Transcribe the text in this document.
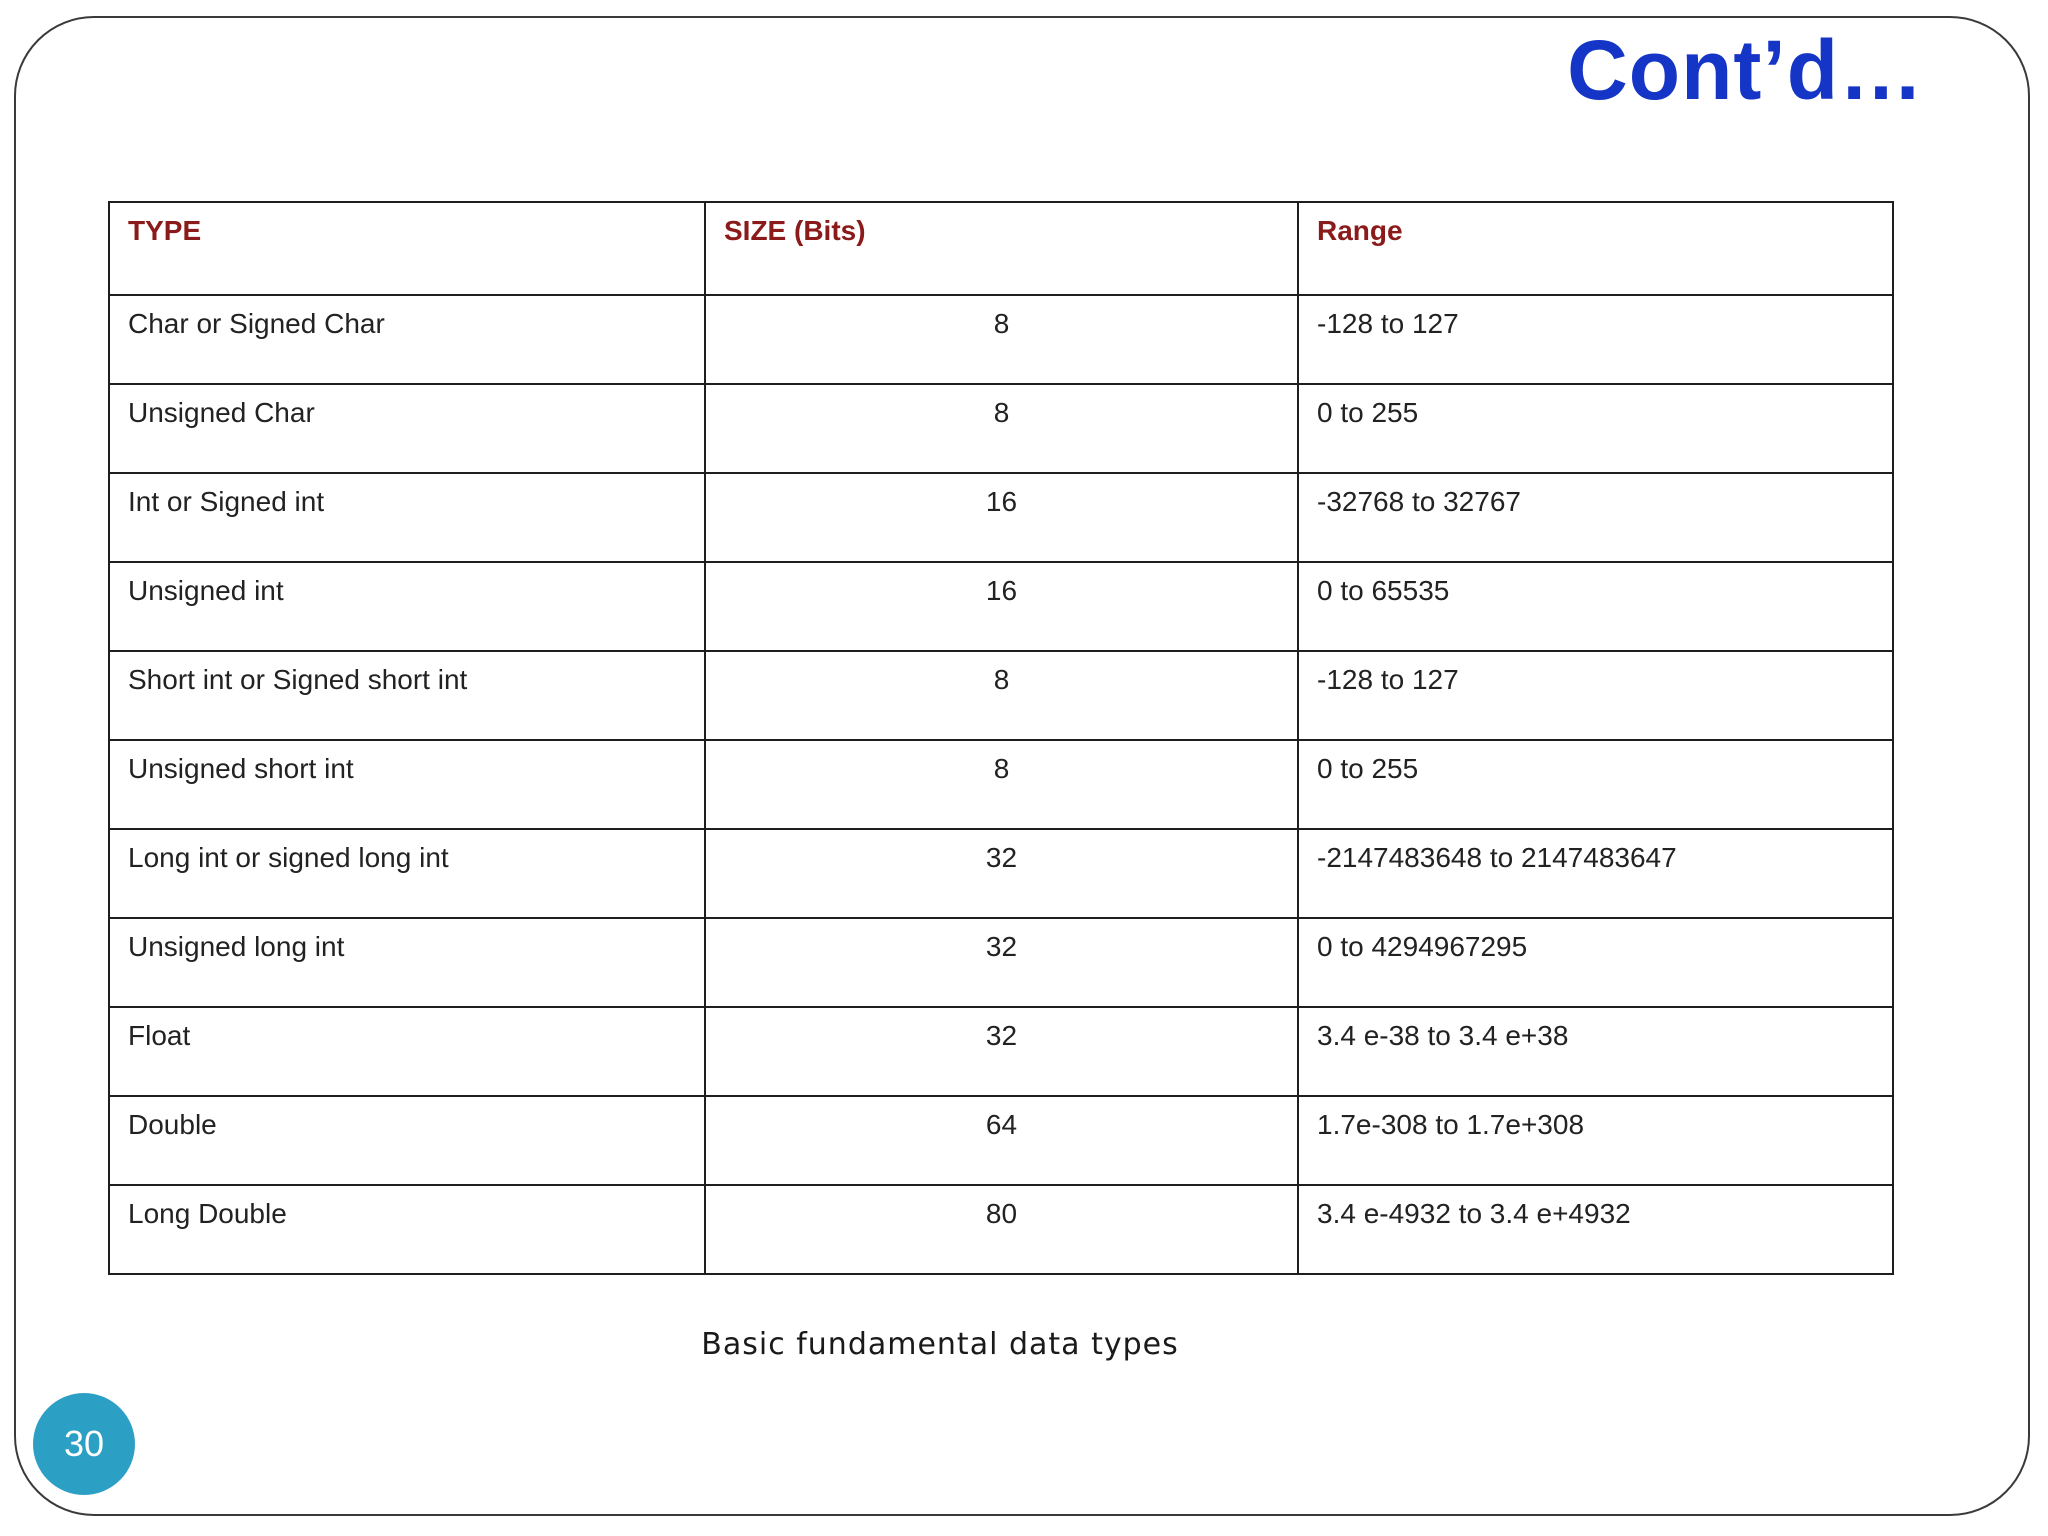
Cont’d…
TYPE	SIZE (Bits)	Range

Char or Signed Char	8	-128 to 127

Unsigned Char	8	0 to 255

Int or Signed int	16	-32768 to 32767

Unsigned int	16	0 to 65535

Short int or Signed short int	8	-128 to 127

Unsigned short int	8	0 to 255

Long int or signed long int	32	-2147483648 to 2147483647

Unsigned long int	32	0 to 4294967295

Float	32	3.4 e-38 to 3.4 e+38

Double	64	1.7e-308 to 1.7e+308

Long Double	80	3.4 e-4932 to 3.4 e+4932
Basic fundamental data types
30
